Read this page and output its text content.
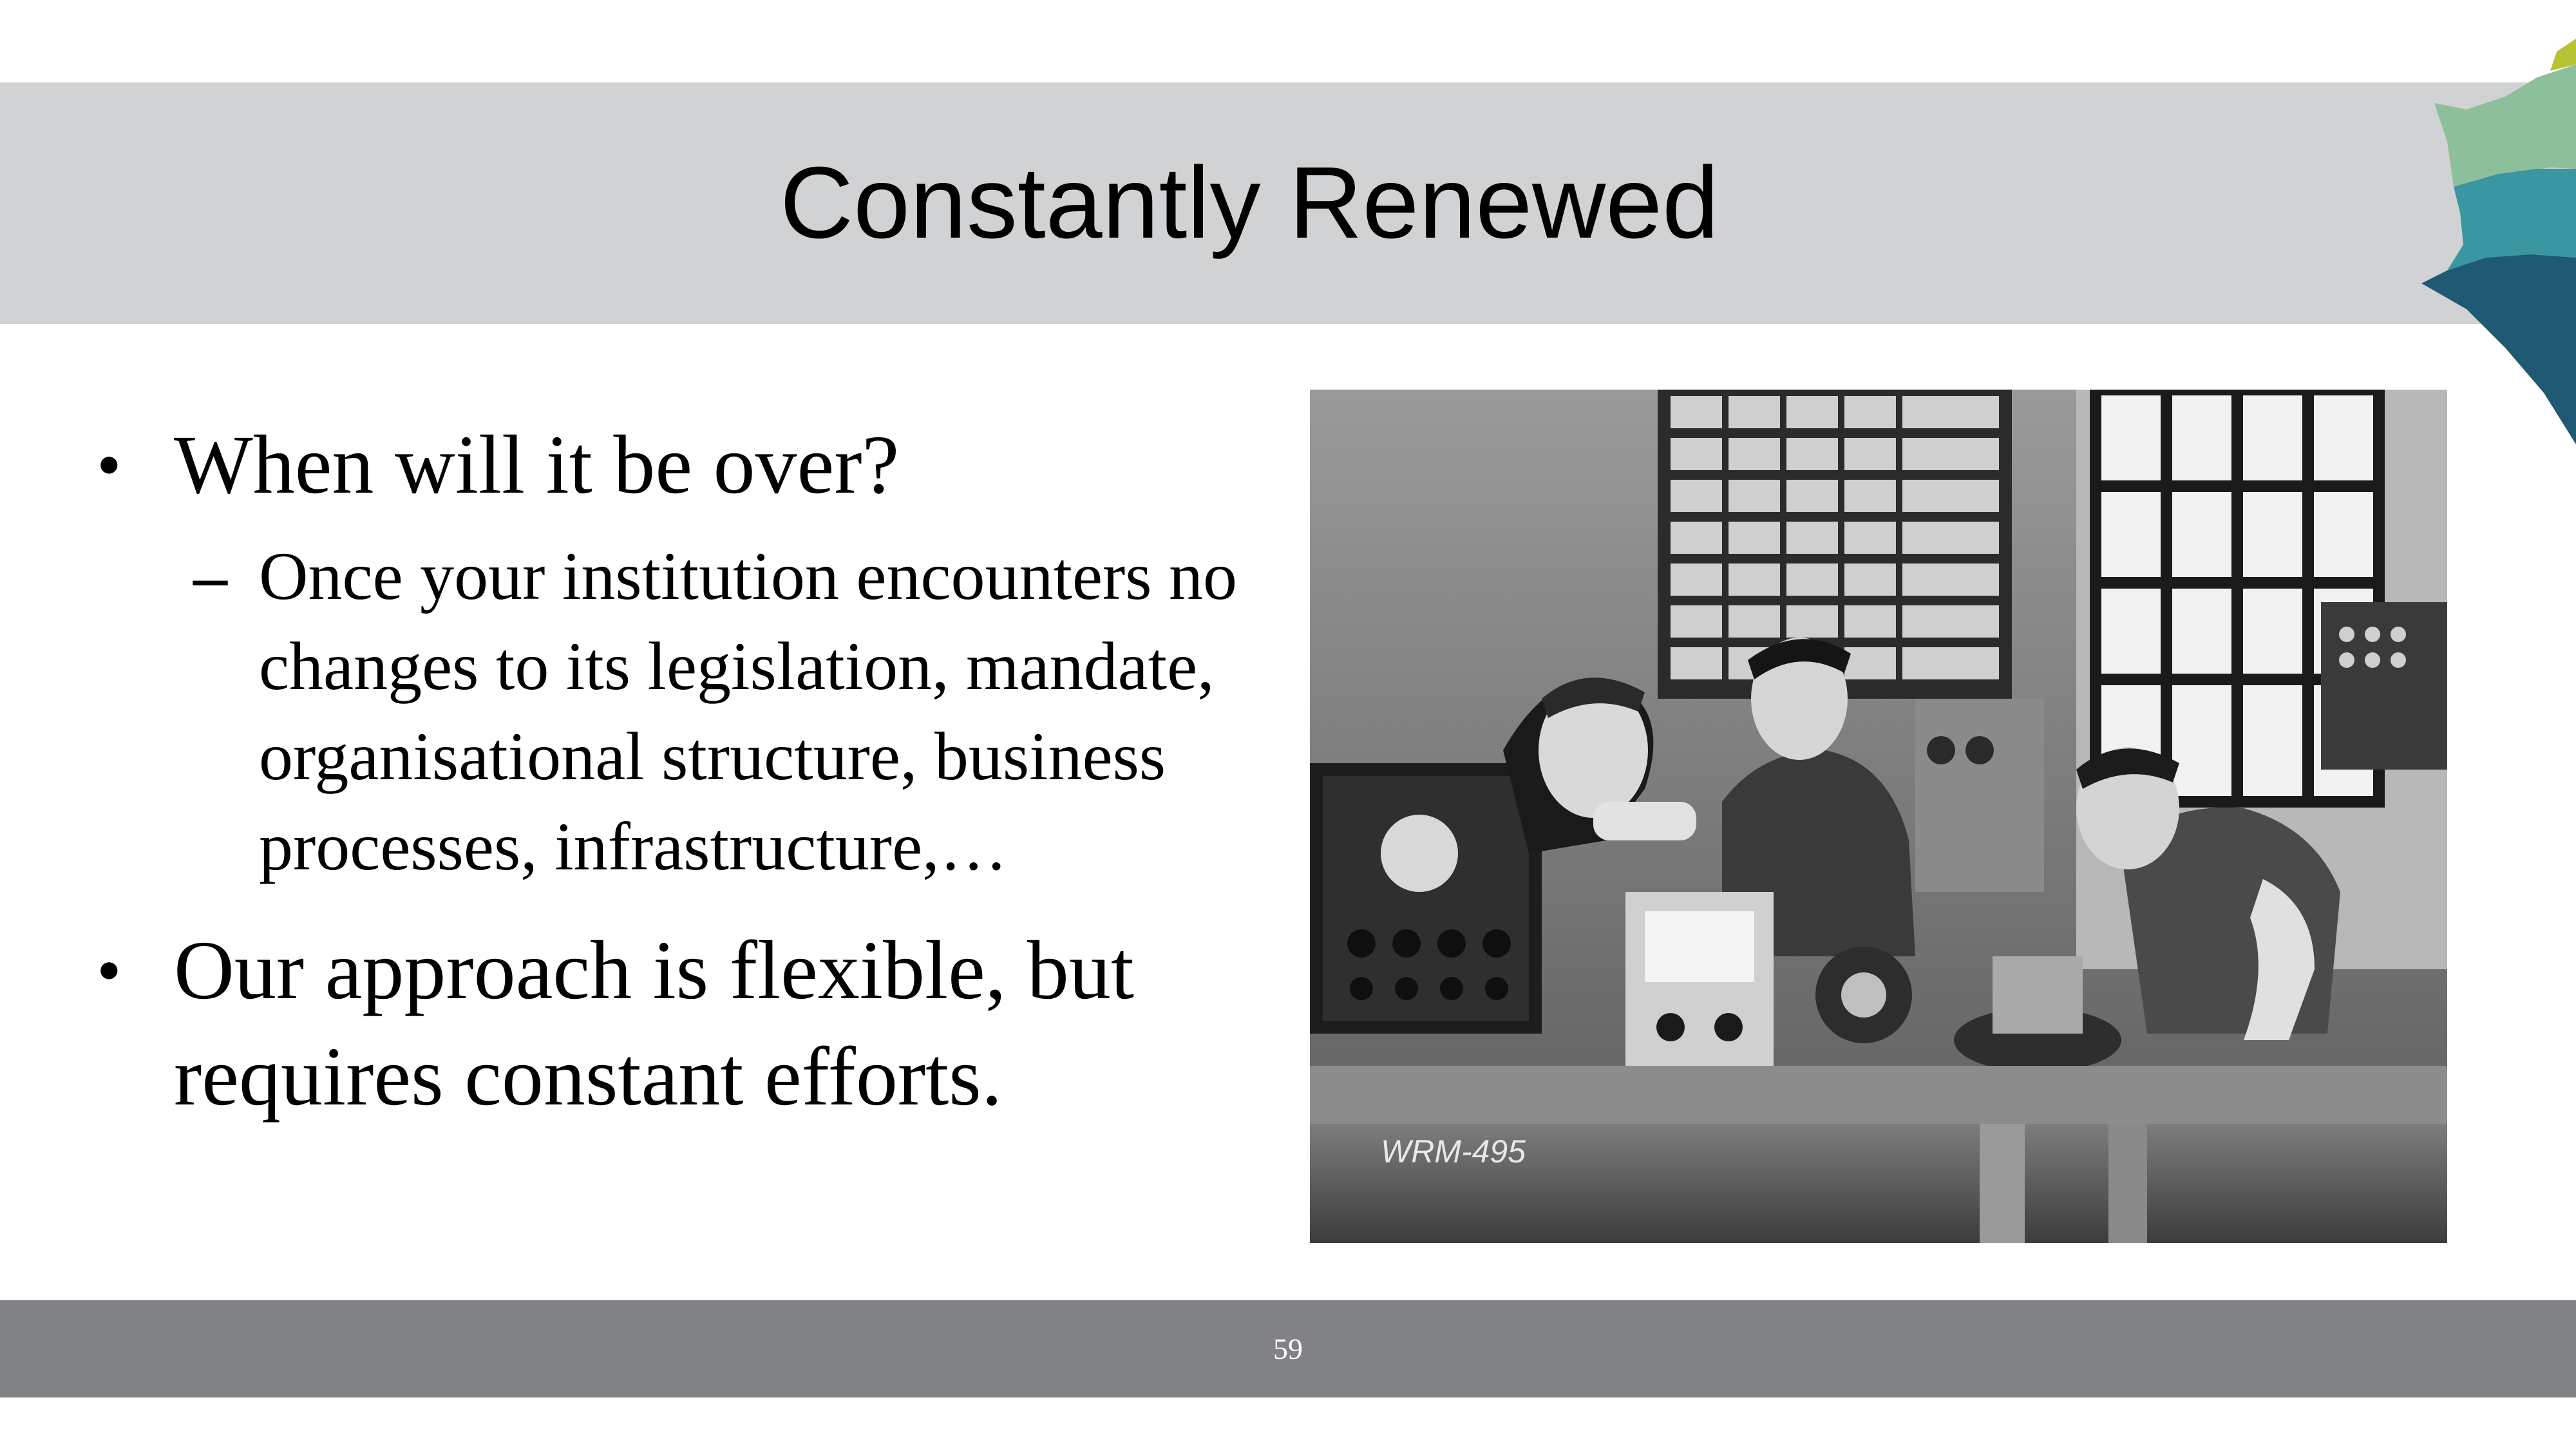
Constantly Renewed
• When will it be over?
– Once your institution encounters no changes to its legislation, mandate, organisational structure, business processes, infrastructure,…
• Our approach is flexible, but requires constant efforts.
WRM-495
59
